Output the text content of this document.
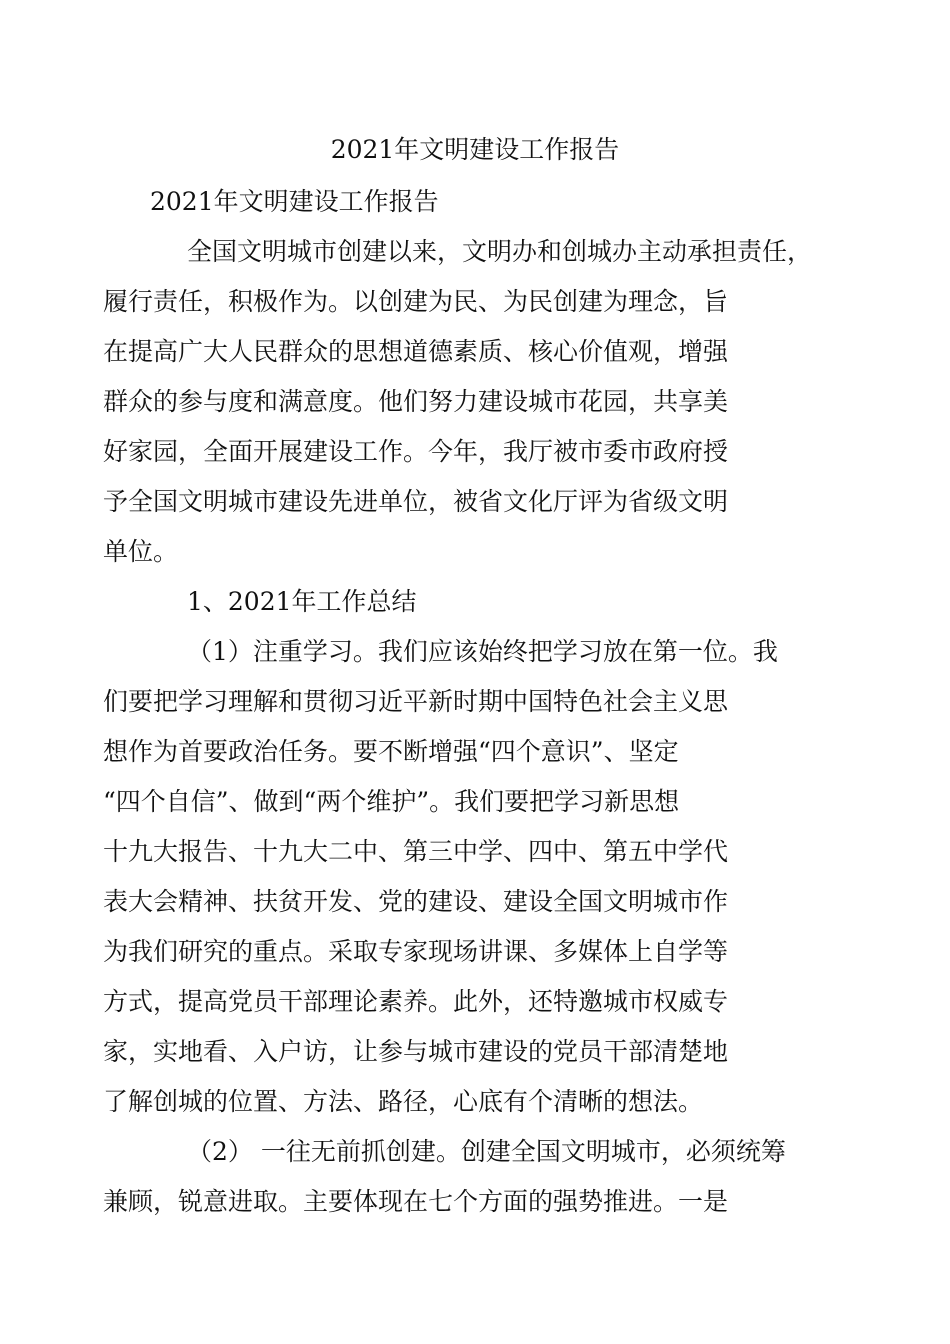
2021年文明建设工作报告
2021年文明建设工作报告

全国文明城市创建以来，文明办和创城办主动承担责任，
履行责任，积极作为。以创建为民、为民创建为理念，旨
在提高广大人民群众的思想道德素质、核心价值观，增强
群众的参与度和满意度。他们努力建设城市花园，共享美
好家园，全面开展建设工作。今年，我厅被市委市政府授
予全国文明城市建设先进单位，被省文化厅评为省级文明
单位。

1、2021年工作总结

（1）注重学习。我们应该始终把学习放在第一位。我
们要把学习理解和贯彻习近平新时期中国特色社会主义思
想作为首要政治任务。要不断增强“四个意识”、坚定
“四个自信”、做到“两个维护”。我们要把学习新思想
十九大报告、十九大二中、第三中学、四中、第五中学代
表大会精神、扶贫开发、党的建设、建设全国文明城市作
为我们研究的重点。采取专家现场讲课、多媒体上自学等
方式，提高党员干部理论素养。此外，还特邀城市权威专
家，实地看、入户访，让参与城市建设的党员干部清楚地
了解创城的位置、方法、路径，心底有个清晰的想法。

（2） 一往无前抓创建。创建全国文明城市，必须统筹
兼顾，锐意进取。主要体现在七个方面的强势推进。一是
